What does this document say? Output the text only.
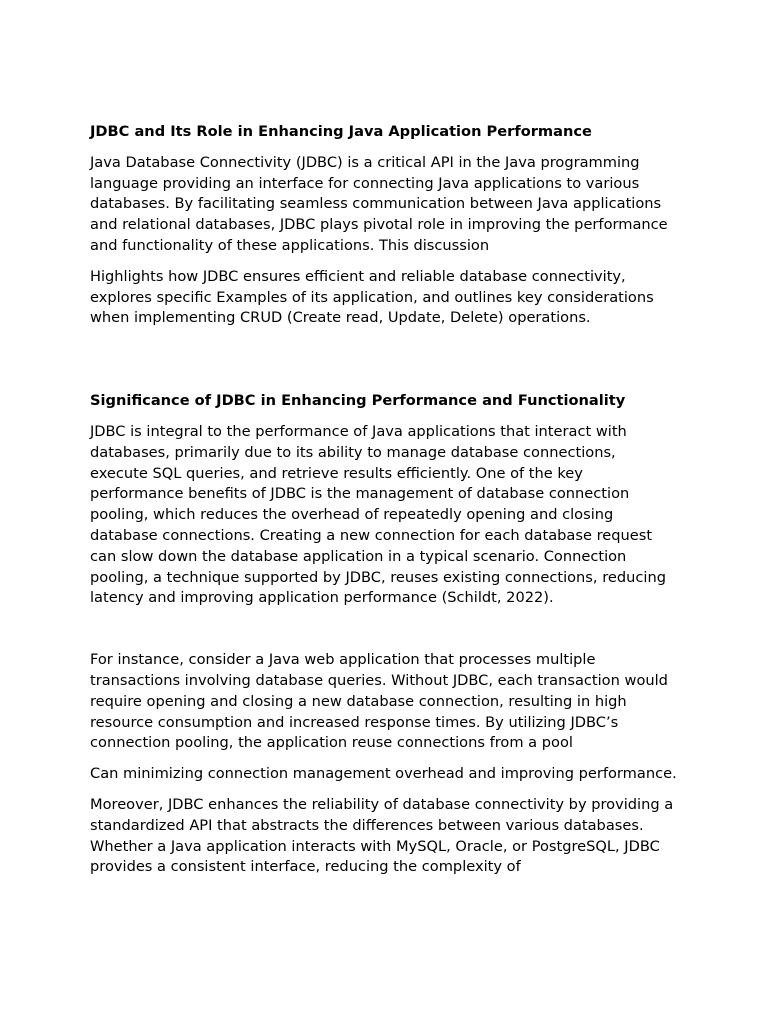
JDBC and Its Role in Enhancing Java Application Performance

Java Database Connectivity (JDBC) is a critical API in the Java programming language providing an interface for connecting Java applications to various databases. By facilitating seamless communication between Java applications and relational databases, JDBC plays pivotal role in improving the performance and functionality of these applications. This discussion

Highlights how JDBC ensures efficient and reliable database connectivity, explores specific Examples of its application, and outlines key considerations when implementing CRUD (Create read, Update, Delete) operations.

Significance of JDBC in Enhancing Performance and Functionality

JDBC is integral to the performance of Java applications that interact with databases, primarily due to its ability to manage database connections, execute SQL queries, and retrieve results efficiently. One of the key performance benefits of JDBC is the management of database connection pooling, which reduces the overhead of repeatedly opening and closing database connections. Creating a new connection for each database request can slow down the database application in a typical scenario. Connection pooling, a technique supported by JDBC, reuses existing connections, reducing latency and improving application performance (Schildt, 2022).

For instance, consider a Java web application that processes multiple transactions involving database queries. Without JDBC, each transaction would require opening and closing a new database connection, resulting in high resource consumption and increased response times. By utilizing JDBC’s connection pooling, the application reuse connections from a pool

Can minimizing connection management overhead and improving performance.

Moreover, JDBC enhances the reliability of database connectivity by providing a standardized API that abstracts the differences between various databases. Whether a Java application interacts with MySQL, Oracle, or PostgreSQL, JDBC provides a consistent interface, reducing the complexity of
